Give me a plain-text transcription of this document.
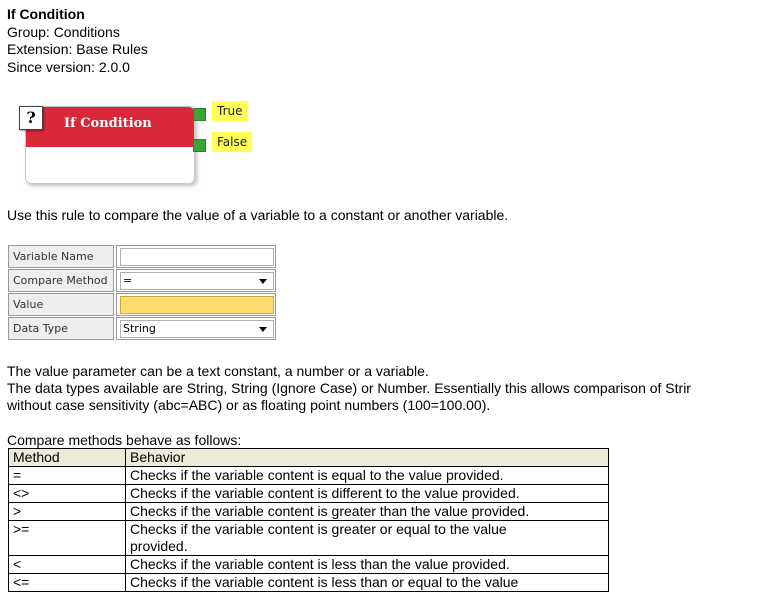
If Condition
Group: Conditions
Extension: Base Rules
Since version: 2.0.0
?	If Condition
True
False
Use this rule to compare the value of a variable to a constant or another variable.
Variable Name
Compare Method	=
Value
Data Type	String
The value parameter can be a text constant, a number or a variable.
The data types available are String, String (Ignore Case) or Number. Essentially this allows comparison of Strir
without case sensitivity (abc=ABC) or as floating point numbers (100=100.00).
Compare methods behave as follows:
Method	Behavior
=	Checks if the variable content is equal to the value provided.
<>	Checks if the variable content is different to the value provided.
>	Checks if the variable content is greater than the value provided.
>=	Checks if the variable content is greater or equal to the value provided.
<	Checks if the variable content is less than the value provided.
<=	Checks if the variable content is less than or equal to the value
